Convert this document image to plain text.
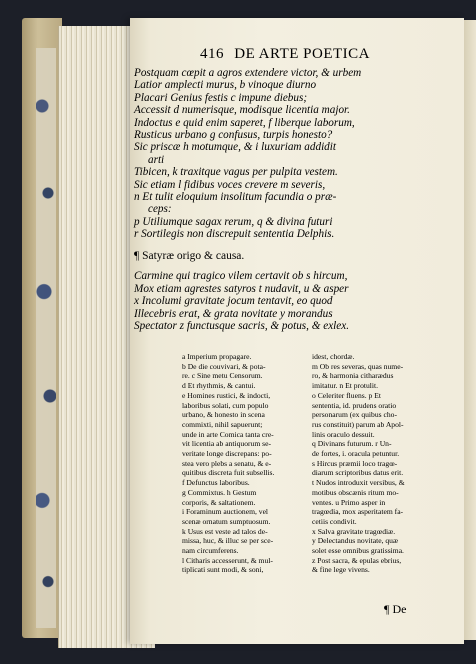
416 DE ARTE POETICA
Postquam cœpit a agros extendere victor, & urbem
Latior amplecti murus, b vinoque diurno
Placari Genius festis c impune diebus;
Accessit d numerisque, modisque licentia major.
Indoctus e quid enim saperet, f liberque laborum,
Rusticus urbano g confusus, turpis honesto?
Sic priscæ h motumque, & i luxuriam addidit
arti
Tibicen, k traxitque vagus per pulpita vestem.
Sic etiam l fidibus voces crevere m severis,
n Et tulit eloquium insolitum facundia o præ-
ceps:
p Utiliumque sagax rerum, q & divina futuri
r Sortilegis non discrepuit sententia Delphis.
¶ Satyræ origo & causa.
Carmine qui tragico vilem certavit ob s hircum,
Mox etiam agrestes satyros t nudavit, u & asper
x Incolumi gravitate jocum tentavit, eo quod
Illecebris erat, & grata novitate y morandus
Spectator z functusque sacris, & potus, & exlex.
a Imperium propagare.
b De die couvivari, & pota-
re. c Sine metu Censorum.
d Et rhythmis, & cantui.
e Homines rustici, & indocti,
laboribus solati, cum populo
urbano, & honesto in scena
commixti, nihil sapuerunt;
unde in arte Comica tanta cre-
vit licentia ab antiquorum se-
veritate longe discrepans: po-
stea vero plebs a senatu, & e-
quitibus discreta fuit subsellis.
f Defunctus laboribus.
g Commixtus. h Gestum
corporis, & saltationem.
i Foraminum auctionem, vel
scenæ ornatum sumptuosum.
k Usus est veste ad talos de-
missa, huc, & illuc se per sce-
nam circumferens.
l Citharis accesserunt, & mul-
tiplicati sunt modi, & soni,
idest, chordæ.
m Ob res severas, quas nume-
ro, & harmonia citharædus
imitatur. n Et protulit.
o Celeriter fluens. p Et
sententia, id. prudens oratio
personarum (ex quibus cho-
rus constituit) parum ab Apol-
linis oraculo dessuit.
q Divinans futurum. r Un-
de fortes, i. oracula petuntur.
s Hircus præmii loco tragœ-
diarum scriptoribus datus erit.
t Nudos introduxit versibus, &
motibus obscænis ritum mo-
ventes. u Primo asper in
tragœdia, mox asperitatem fa-
cetiis condivit.
x Salva gravitate tragœdiæ.
y Delectandus novitate, quæ
solet esse omnibus gratissima.
z Post sacra, & epulas ebrius,
& fine lege vivens.
¶ De
